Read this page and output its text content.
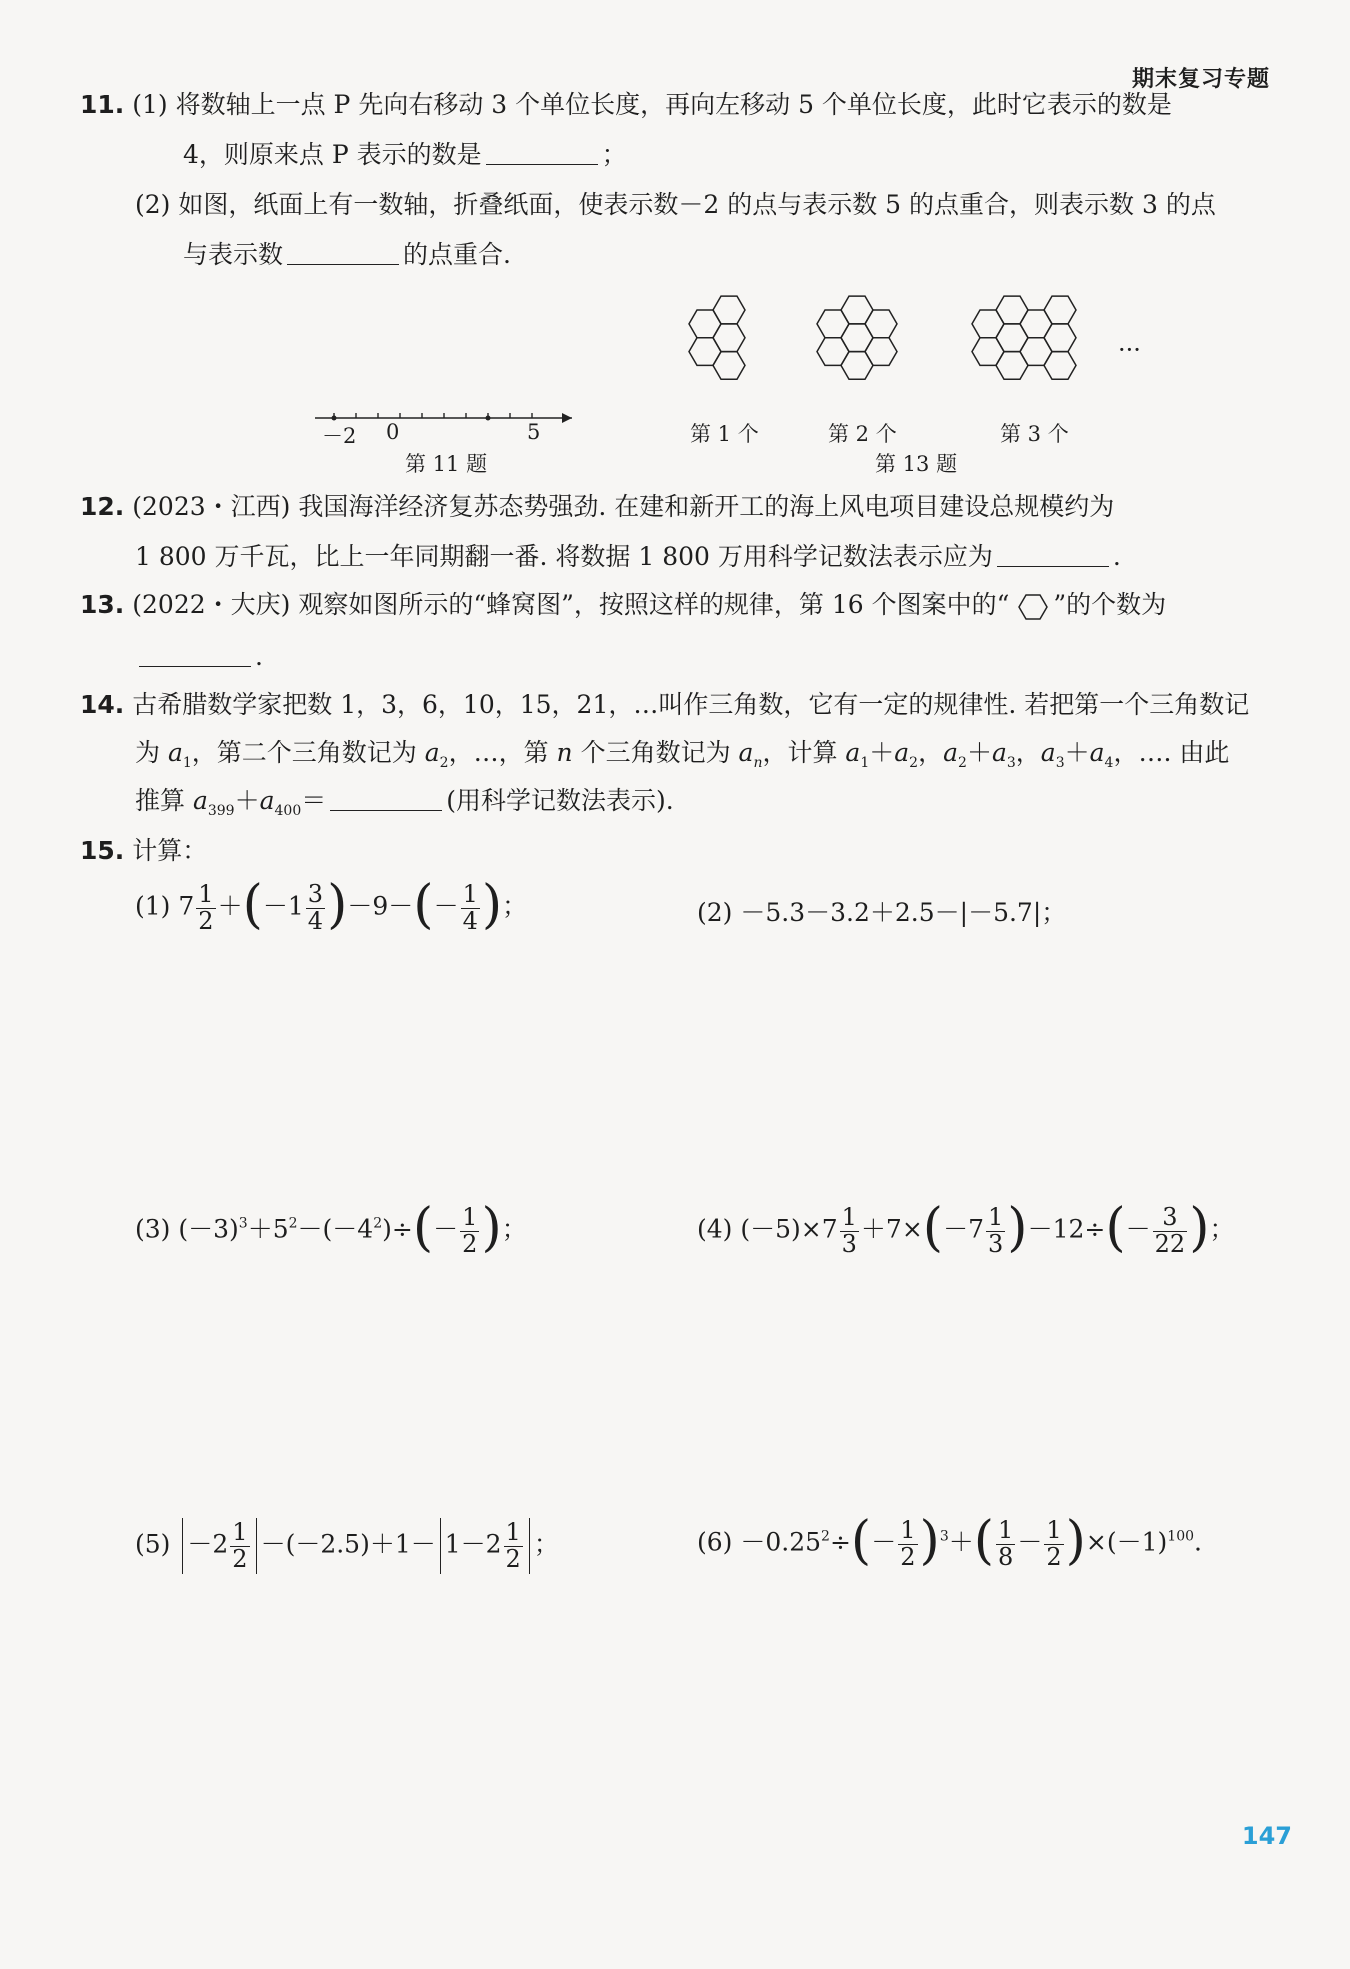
期末复习专题
11. (1) 将数轴上一点 P 先向右移动 3 个单位长度，再向左移动 5 个单位长度，此时它表示的数是
4，则原来点 P 表示的数是	；
(2) 如图，纸面上有一数轴，折叠纸面，使表示数－2 的点与表示数 5 的点重合，则表示数 3 的点
与表示数	的点重合.
－2 0	5
第 11 题
第 1 个	第 2 个	第 3 个
···
第 13 题
12. (2023・江西) 我国海洋经济复苏态势强劲. 在建和新开工的海上风电项目建设总规模约为
1 800 万千瓦，比上一年同期翻一番. 将数据 1 800 万用科学记数法表示应为	.
13. (2022・大庆) 观察如图所示的“蜂窝图”，按照这样的规律，第 16 个图案中的“ ”的个数为
.
14. 古希腊数学家把数 1，3，6，10，15，21，…叫作三角数，它有一定的规律性. 若把第一个三角数记
为 $a_1$，第二个三角数记为 $a_2$，…，第 n 个三角数记为 $a_n$，计算 $a_1+a_2$，$a_2+a_3$，$a_3+a_4$，…. 由此
推算 $a_{399}+a_{400}=$	(用科学记数法表示).
15. 计算：
(1) $7 \frac{1}{2} +(-1 \frac{3}{4} )-9-(- \frac{1}{4}$ )；	(2) －5.3－3.2＋2.5－|－5.7|；
(3) $(-3)^3+5^2-(-4^2)\div(- \frac{1}{2}$ )；	(4) $(-5)\times 7 \frac{1}{3} +7\times(-7 \frac{1}{3} )-12\div(- \frac{3}{22}$ )；
$(5) -2 \frac{1}{2} -(-2.5)+1- 1-2 \frac{1}{2}$ ；	$(6) -0.25^2\div(- \frac{1}{2} )^3+( \frac{1}{8} - \frac{1}{2} )\times(-1)^{100}$.
147
